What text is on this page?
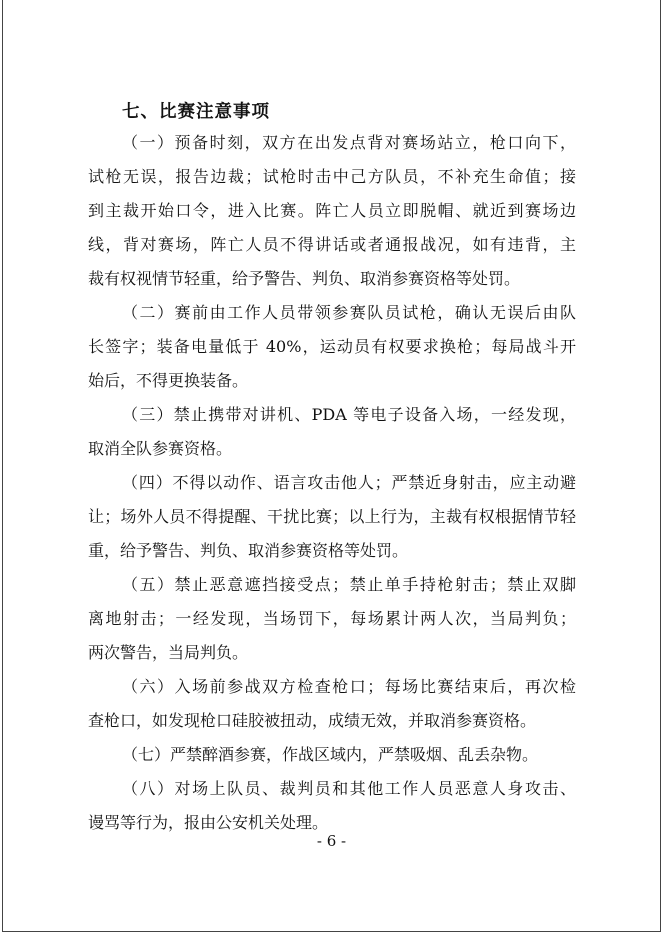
七、比赛注意事项
（一）预备时刻，双方在出发点背对赛场站立，枪口向下，
试枪无误，报告边裁；试枪时击中己方队员，不补充生命值；接
到主裁开始口令，进入比赛。阵亡人员立即脱帽、就近到赛场边
线，背对赛场，阵亡人员不得讲话或者通报战况，如有违背，主
裁有权视情节轻重，给予警告、判负、取消参赛资格等处罚。
（二）赛前由工作人员带领参赛队员试枪，确认无误后由队
长签字；装备电量低于 40%，运动员有权要求换枪；每局战斗开
始后，不得更换装备。
（三）禁止携带对讲机、PDA 等电子设备入场，一经发现，
取消全队参赛资格。
（四）不得以动作、语言攻击他人；严禁近身射击，应主动避
让；场外人员不得提醒、干扰比赛；以上行为，主裁有权根据情节轻
重，给予警告、判负、取消参赛资格等处罚。
（五）禁止恶意遮挡接受点；禁止单手持枪射击；禁止双脚
离地射击；一经发现，当场罚下，每场累计两人次，当局判负；
两次警告，当局判负。
（六）入场前参战双方检查枪口；每场比赛结束后，再次检
查枪口，如发现枪口硅胶被扭动，成绩无效，并取消参赛资格。
（七）严禁醉酒参赛，作战区域内，严禁吸烟、乱丢杂物。
（八）对场上队员、裁判员和其他工作人员恶意人身攻击、
谩骂等行为，报由公安机关处理。
- 6 -
